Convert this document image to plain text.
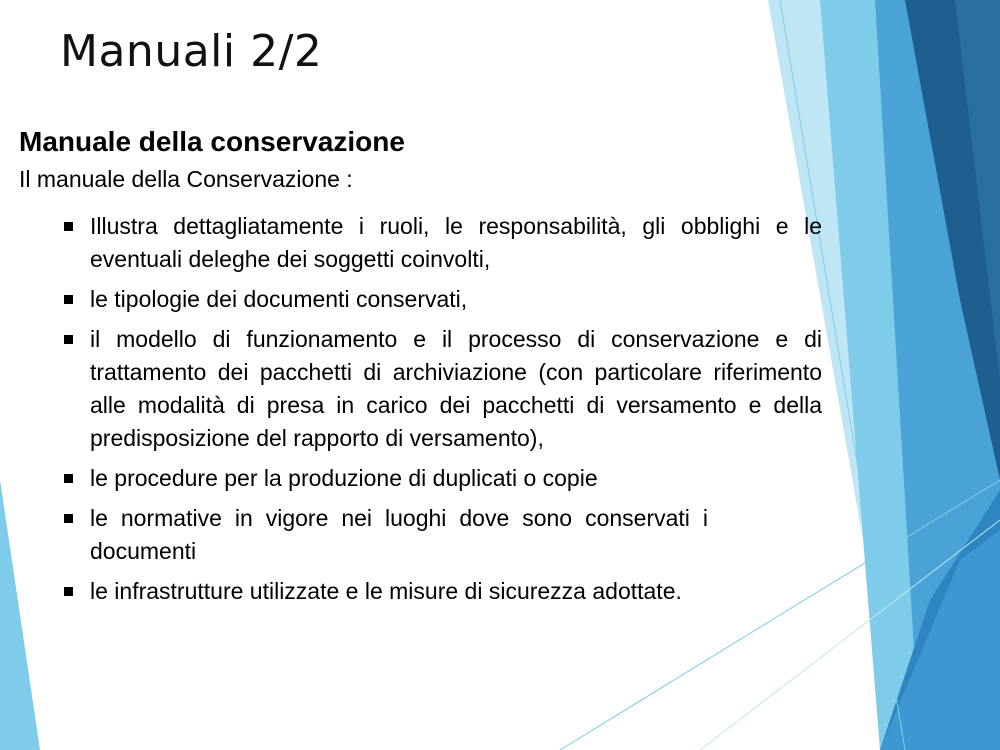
Manuali 2/2
Manuale della conservazione
Il manuale della Conservazione :
Illustra dettagliatamente i ruoli, le responsabilità, gli obblighi e le eventuali deleghe dei soggetti coinvolti,
le tipologie dei documenti conservati,
il modello di funzionamento e il processo di conservazione e di trattamento dei pacchetti di archiviazione (con particolare riferimento alle modalità di presa in carico dei pacchetti di versamento e della predisposizione del rapporto di versamento),
le procedure per la produzione di duplicati o copie
le normative in vigore nei luoghi dove sono conservati i documenti
le infrastrutture utilizzate e le misure di sicurezza adottate.
